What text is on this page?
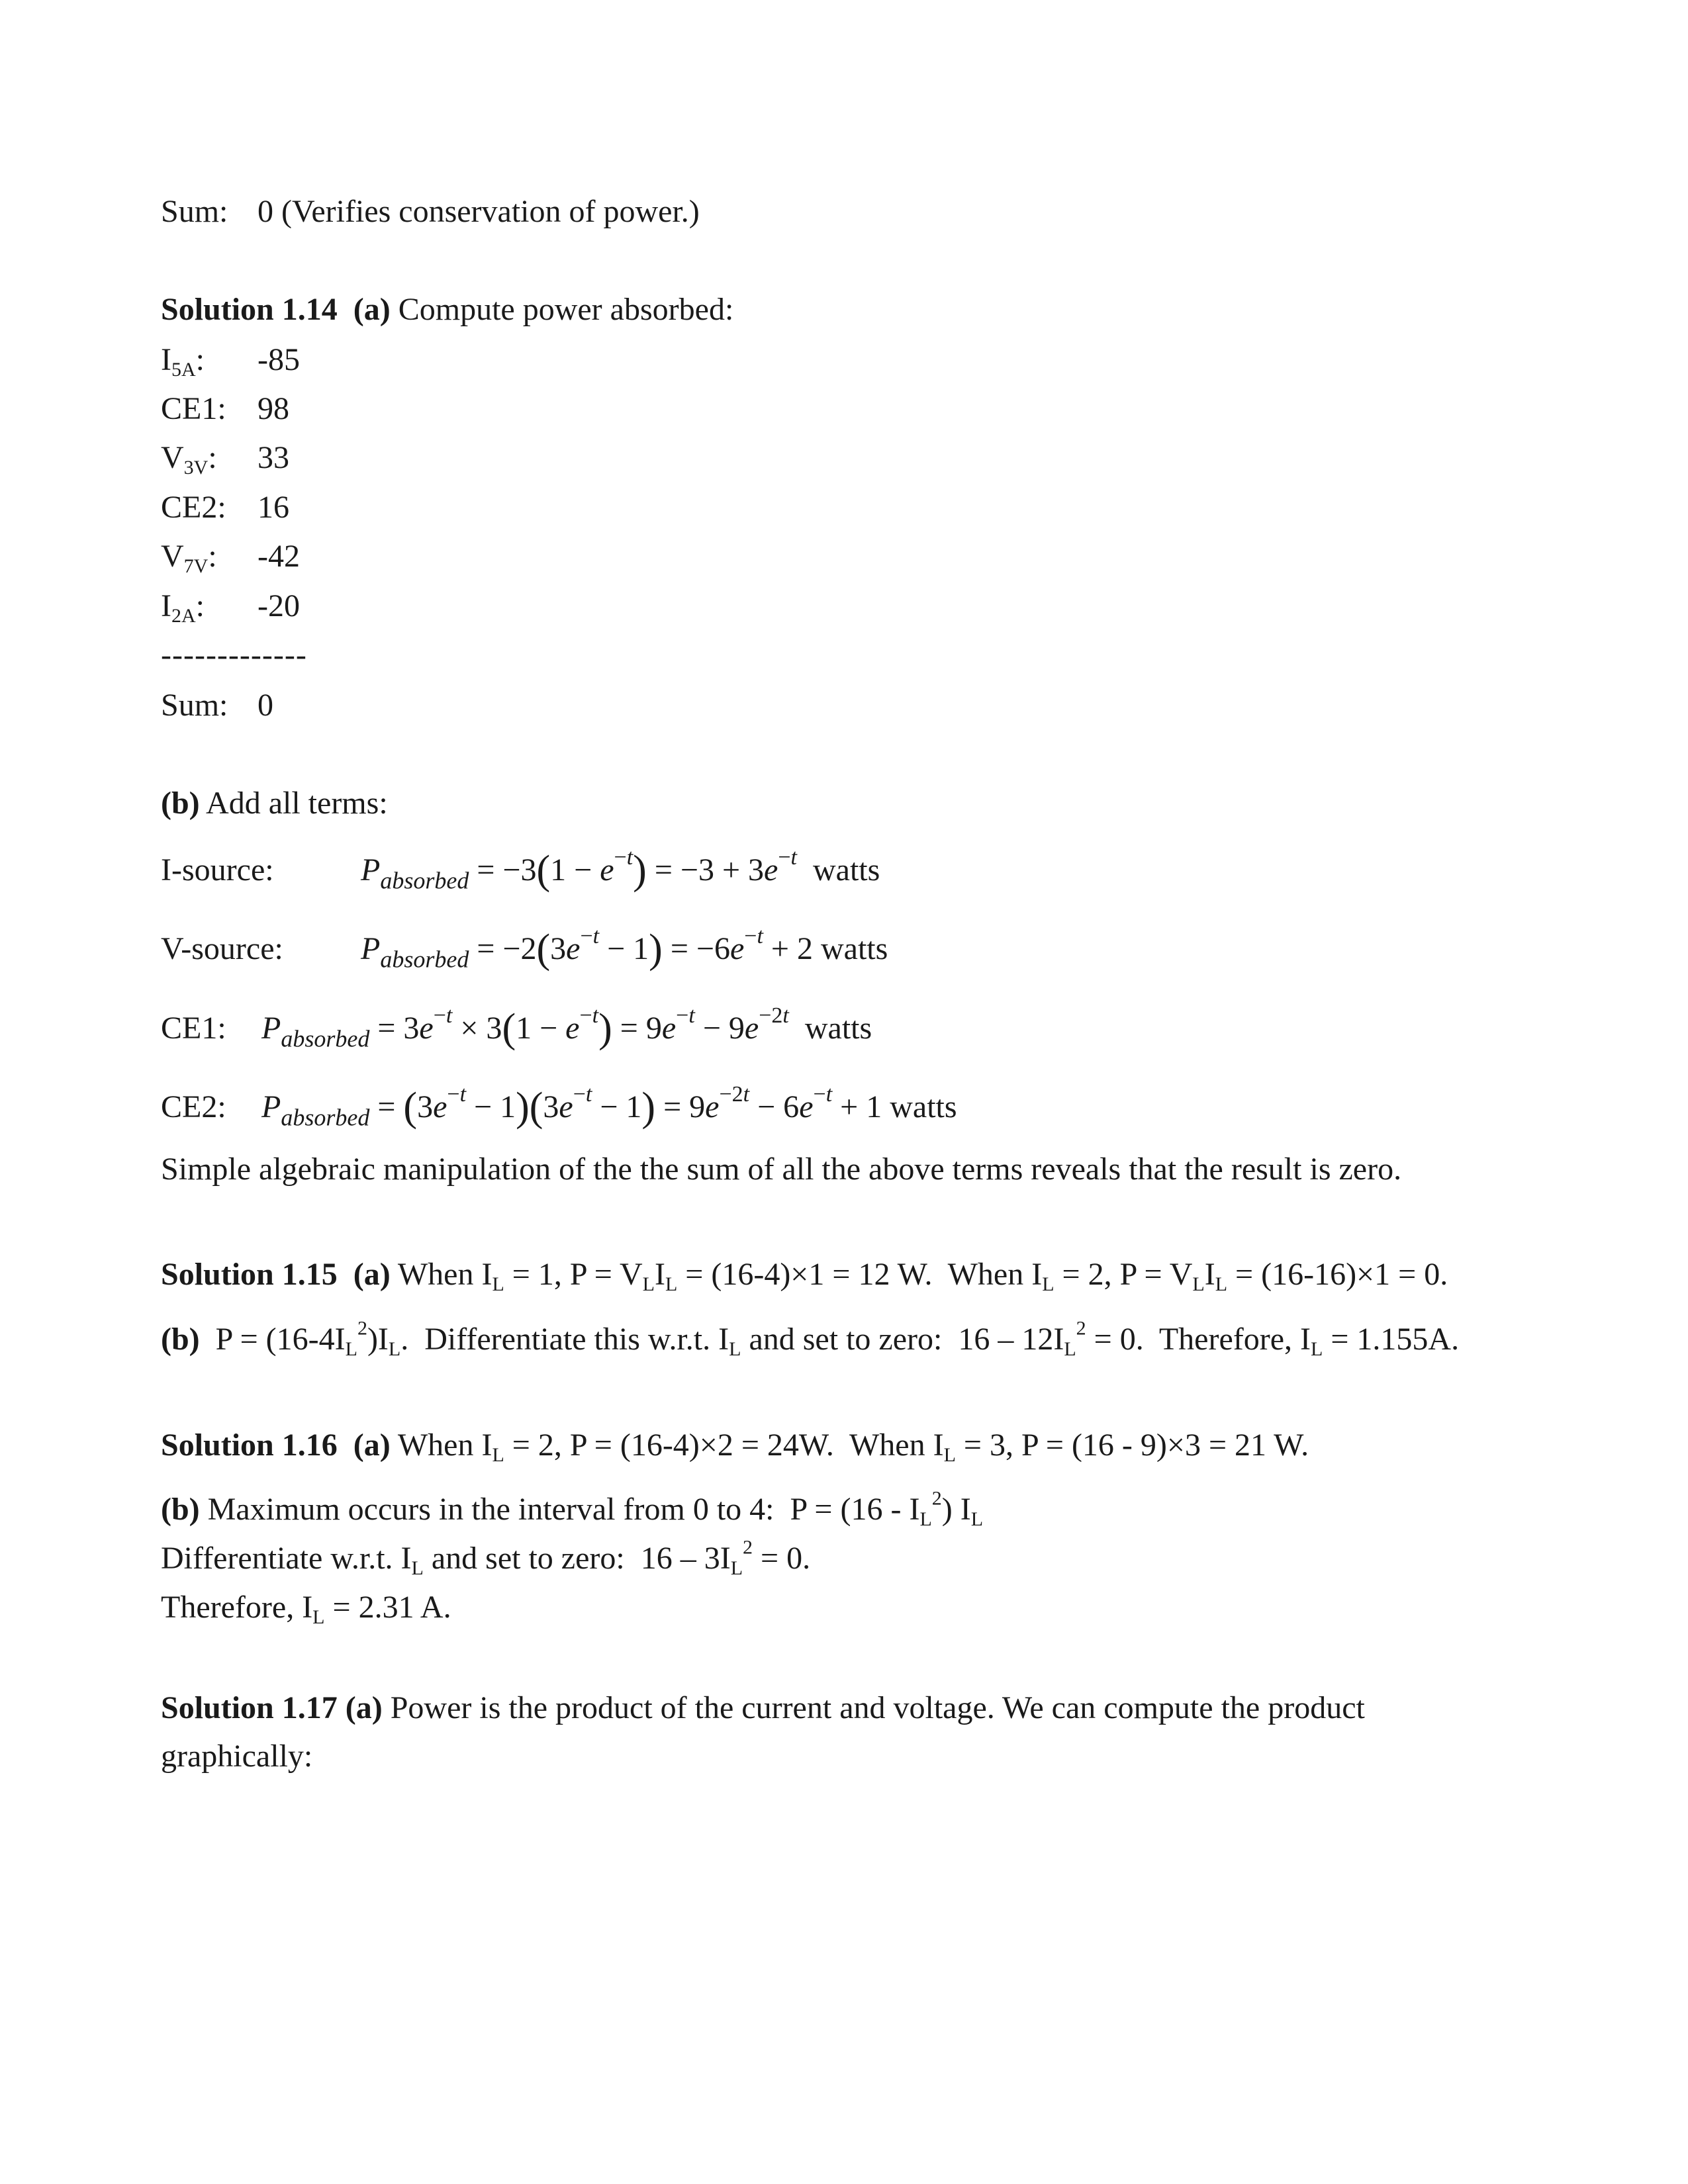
Sum: 0 (Verifies conservation of power.)
Solution 1.14 (a) Compute power absorbed:
$I_{5A}$: -85
CE1: 98
$V_{3V}$: 33
CE2: 16
$V_{7V}$: -42
$I_{2A}$: -20
-------------
Sum: 0
(b) Add all terms:
I-source:	$P_{absorbed} = -3(1 - e^{-t}) = -3 + 3e^{-t}$ watts
V-source: $P_{absorbed} = -2(3e^{-t} - 1) = -6e^{-t} + 2$ watts
CE1: $P_{absorbed} = 3e^{-t} \times 3(1 - e^{-t}) = 9e^{-t} - 9e^{-2t}$ watts
CE2: $P_{absorbed} = (3e^{-t} - 1)(3e^{-t} - 1) = 9e^{-2t} - 6e^{-t} + 1$ watts
Simple algebraic manipulation of the the sum of all the above terms reveals that the result is zero.
Solution 1.15 (a) When $I_L = 1$, $P = V_LI_L = (16-4)\times 1 = 12$ W.  When $I_L = 2$, $P = V_LI_L = (16-16)\times 1 = 0$.
(b)  $P = (16-4I_L^2)I_L$.  Differentiate this w.r.t. $I_L$ and set to zero:  $16 - 12I_L^2 = 0$.  Therefore, $I_L = 1.155A$.
Solution 1.16 (a) When $I_L = 2$, P = (16-4)×2 = 24W.  When $I_L = 3$, P = (16 - 9)×3 = 21 W.
(b) Maximum occurs in the interval from 0 to 4:  $P = (16 - I_L^2)$ $I_L$
Differentiate w.r.t. $I_L$ and set to zero:  $16 - 3I_L^2 = 0$.
Therefore, $I_L = 2.31$ A.
Solution 1.17 (a) Power is the product of the current and voltage. We can compute the product
graphically:
